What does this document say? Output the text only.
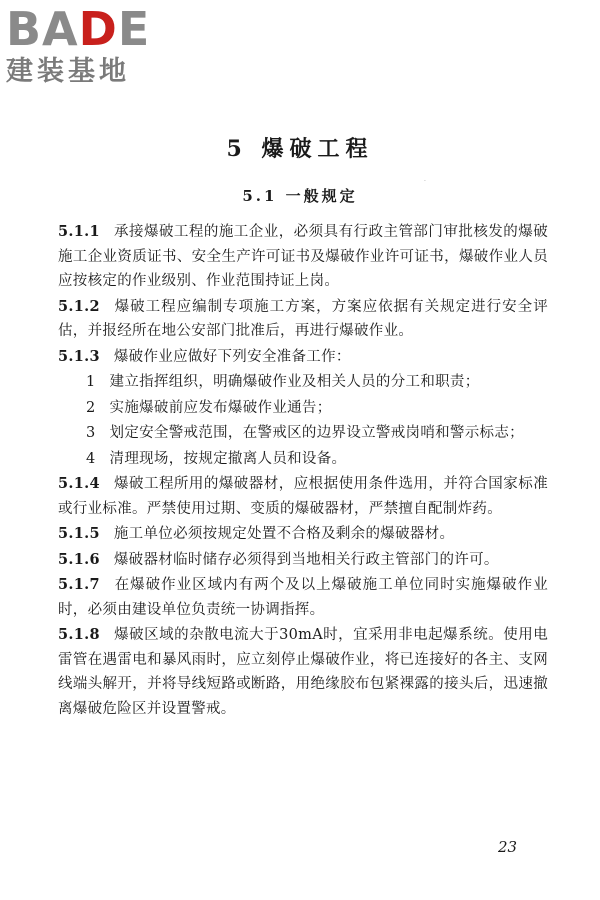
BADE
建装基地
5 爆破工程
·
5.1 一般规定

5.1.1 承接爆破工程的施工企业，必须具有行政主管部门审批核发的爆破施工企业资质证书、安全生产许可证书及爆破作业许可证书，爆破作业人员应按核定的作业级别、作业范围持证上岗。

5.1.2 爆破工程应编制专项施工方案，方案应依据有关规定进行安全评估，并报经所在地公安部门批准后，再进行爆破作业。

5.1.3 爆破作业应做好下列安全准备工作：

1 建立指挥组织，明确爆破作业及相关人员的分工和职责；

2 实施爆破前应发布爆破作业通告；

3 划定安全警戒范围，在警戒区的边界设立警戒岗哨和警示标志；

4 清理现场，按规定撤离人员和设备。

5.1.4 爆破工程所用的爆破器材，应根据使用条件选用，并符合国家标准或行业标准。严禁使用过期、变质的爆破器材，严禁擅自配制炸药。

5.1.5 施工单位必须按规定处置不合格及剩余的爆破器材。

5.1.6 爆破器材临时储存必须得到当地相关行政主管部门的许可。

5.1.7 在爆破作业区域内有两个及以上爆破施工单位同时实施爆破作业时，必须由建设单位负责统一协调指挥。

5.1.8 爆破区域的杂散电流大于30mA时，宜采用非电起爆系统。使用电雷管在遇雷电和暴风雨时，应立刻停止爆破作业，将已连接好的各主、支网线端头解开，并将导线短路或断路，用绝缘胶布包紧裸露的接头后，迅速撤离爆破危险区并设置警戒。

23
